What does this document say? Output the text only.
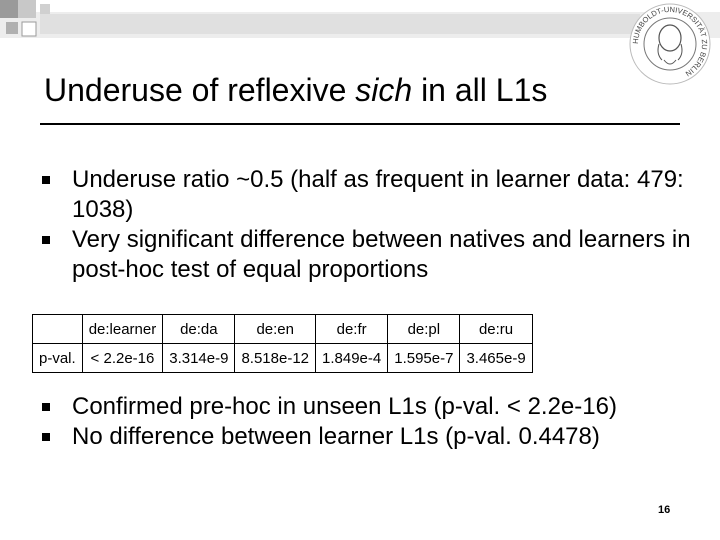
HUMBOLDT-UNIVERSITÄT ZU BERLIN
Underuse of reflexive sich in all L1s
Underuse ratio ~0.5 (half as frequent in learner data: 479: 1038)
Very significant difference between natives and learners in post-hoc test of equal proportions
	de:learner	de:da	de:en	de:fr	de:pl	de:ru
p-val.	< 2.2e-16	3.314e-9	8.518e-12	1.849e-4	1.595e-7	3.465e-9
Confirmed pre-hoc in unseen L1s (p-val. < 2.2e-16)
No difference between learner L1s (p-val. 0.4478)
16
